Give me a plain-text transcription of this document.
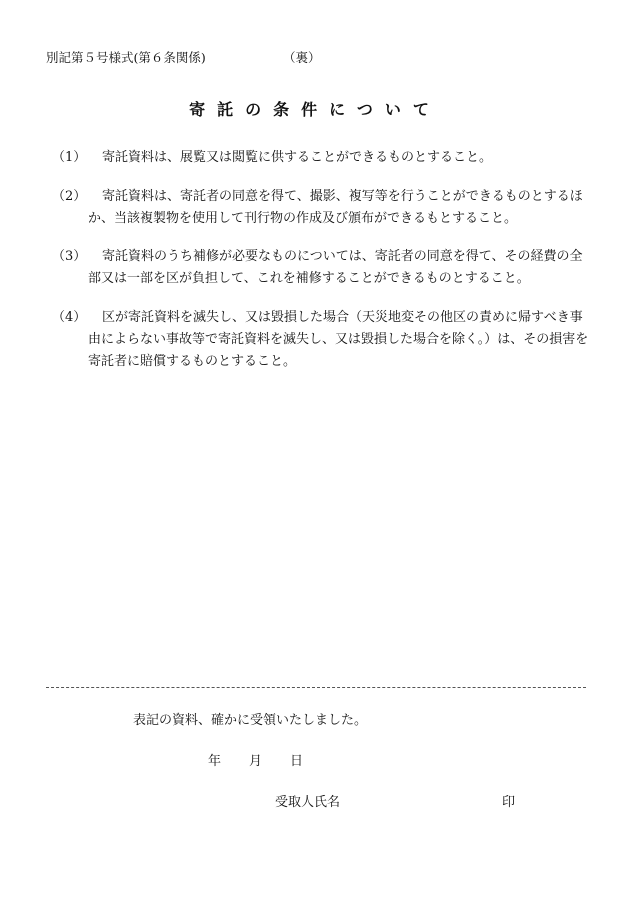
別記第５号様式(第６条関係)	（裏）
寄託の条件について
（1）	寄託資料は、展覧又は閲覧に供することができるものとすること。
（2）	寄託資料は、寄託者の同意を得て、撮影、複写等を行うことができるものとするほか、当該複製物を使用して刊行物の作成及び頒布ができるもとすること。
（3）	寄託資料のうち補修が必要なものについては、寄託者の同意を得て、その経費の全部又は一部を区が負担して、これを補修することができるものとすること。
（4）	区が寄託資料を滅失し、又は毀損した場合（天災地変その他区の責めに帰すべき事由によらない事故等で寄託資料を滅失し、又は毀損した場合を除く。）は、その損害を寄託者に賠償するものとすること。
表記の資料、確かに受領いたしました。
年 月 日
受取人氏名	印
